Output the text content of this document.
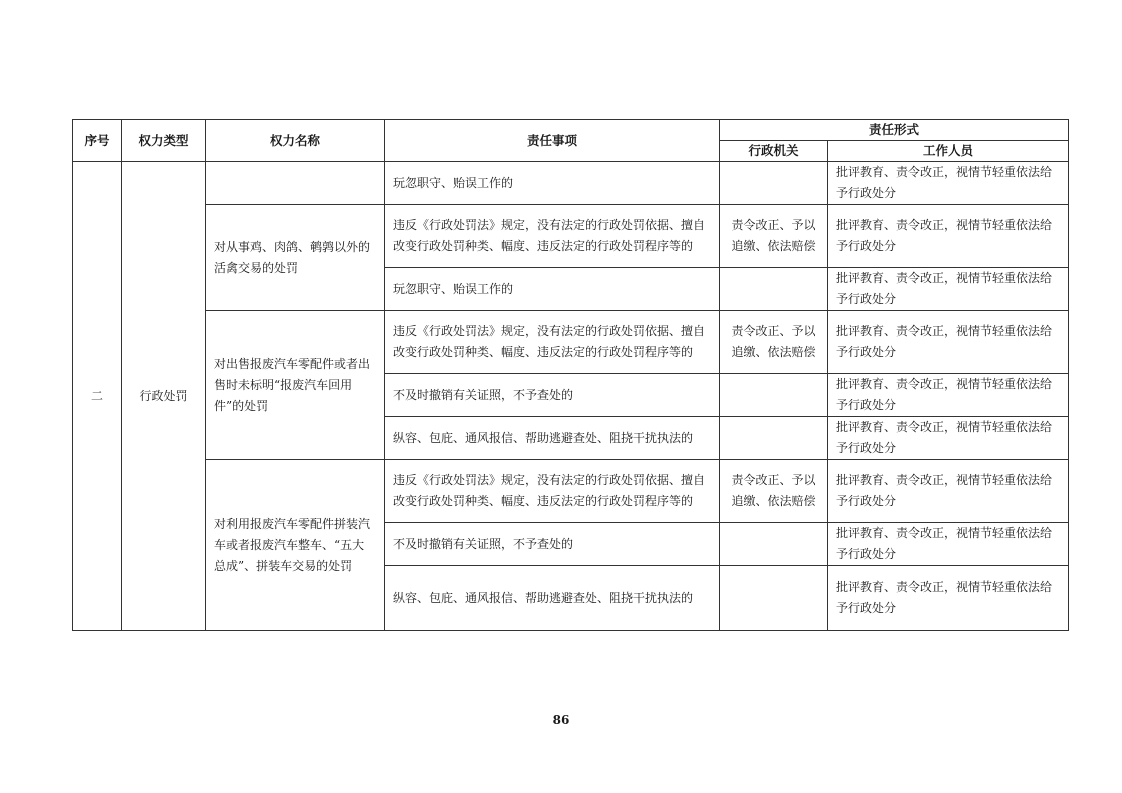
序号	权力类型	权力名称	责任事项	责任形式	
				行政机关	工作人员
二	行政处罚		玩忽职守、贻误工作的		批评教育、责令改正，视情节轻重依法给予行政处分
		对从事鸡、肉鸽、鹌鹑以外的活禽交易的处罚	违反《行政处罚法》规定，没有法定的行政处罚依据、擅自改变行政处罚种类、幅度、违反法定的行政处罚程序等的	责令改正、予以追缴、依法赔偿	批评教育、责令改正，视情节轻重依法给予行政处分
			玩忽职守、贻误工作的		批评教育、责令改正，视情节轻重依法给予行政处分
		对出售报废汽车零配件或者出售时未标明“报废汽车回用件”的处罚	违反《行政处罚法》规定，没有法定的行政处罚依据、擅自改变行政处罚种类、幅度、违反法定的行政处罚程序等的	责令改正、予以追缴、依法赔偿	批评教育、责令改正，视情节轻重依法给予行政处分
			不及时撤销有关证照，不予查处的		批评教育、责令改正，视情节轻重依法给予行政处分
			纵容、包庇、通风报信、帮助逃避查处、阻挠干扰执法的		批评教育、责令改正，视情节轻重依法给予行政处分
		对利用报废汽车零配件拼装汽车或者报废汽车整车、“五大总成”、拼装车交易的处罚	违反《行政处罚法》规定，没有法定的行政处罚依据、擅自改变行政处罚种类、幅度、违反法定的行政处罚程序等的	责令改正、予以追缴、依法赔偿	批评教育、责令改正，视情节轻重依法给予行政处分
			不及时撤销有关证照，不予查处的		批评教育、责令改正，视情节轻重依法给予行政处分
			纵容、包庇、通风报信、帮助逃避查处、阻挠干扰执法的		批评教育、责令改正，视情节轻重依法给予行政处分
86
